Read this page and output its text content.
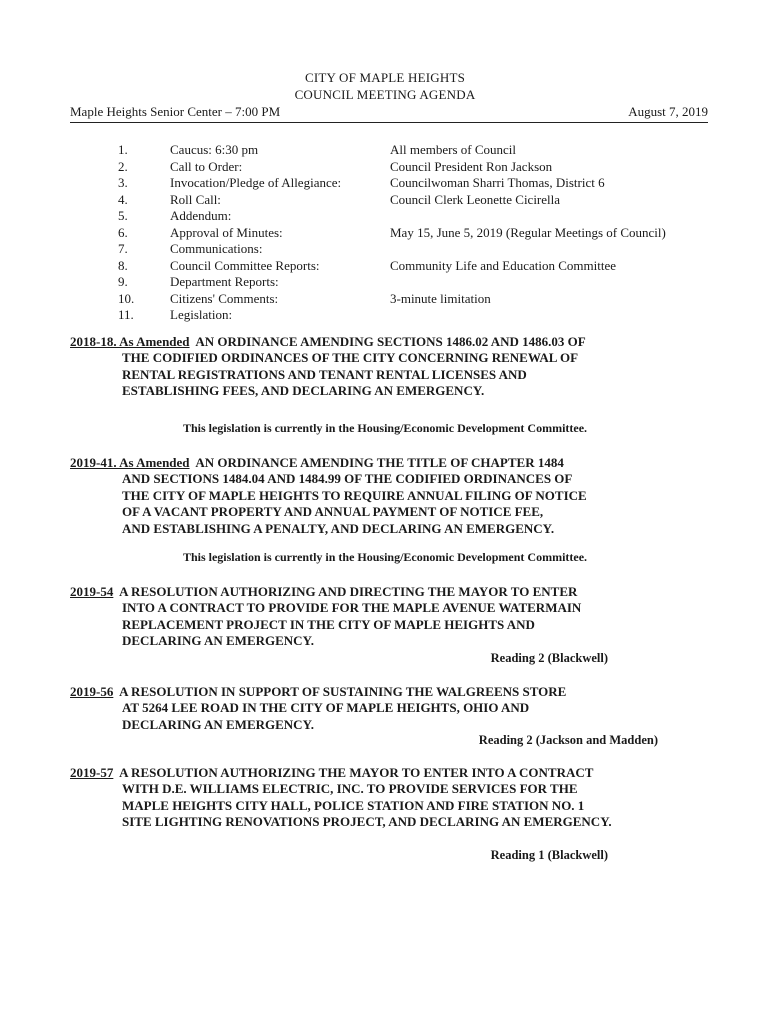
CITY OF MAPLE HEIGHTS
COUNCIL MEETING AGENDA
Maple Heights Senior Center – 7:00 PM	August 7, 2019
1.	Caucus: 6:30 pm	All members of Council
2.	Call to Order:	Council President Ron Jackson
3.	Invocation/Pledge of Allegiance:	Councilwoman Sharri Thomas, District 6
4.	Roll Call:	Council Clerk Leonette Cicirella
5.	Addendum:
6.	Approval of Minutes:	May 15, June 5, 2019 (Regular Meetings of Council)
7.	Communications:
8.	Council Committee Reports:	Community Life and Education Committee
9.	Department Reports:
10.	Citizens' Comments:	3-minute limitation
11.	Legislation:
2018-18. As Amended AN ORDINANCE AMENDING SECTIONS 1486.02 AND 1486.03 OF
THE CODIFIED ORDINANCES OF THE CITY CONCERNING RENEWAL OF
RENTAL REGISTRATIONS AND TENANT RENTAL LICENSES AND
ESTABLISHING FEES, AND DECLARING AN EMERGENCY.
This legislation is currently in the Housing/Economic Development Committee.
2019-41. As Amended AN ORDINANCE AMENDING THE TITLE OF CHAPTER 1484
AND SECTIONS 1484.04 AND 1484.99 OF THE CODIFIED ORDINANCES OF
THE CITY OF MAPLE HEIGHTS TO REQUIRE ANNUAL FILING OF NOTICE
OF A VACANT PROPERTY AND ANNUAL PAYMENT OF NOTICE FEE,
AND ESTABLISHING A PENALTY, AND DECLARING AN EMERGENCY.
This legislation is currently in the Housing/Economic Development Committee.
2019-54 A RESOLUTION AUTHORIZING AND DIRECTING THE MAYOR TO ENTER
INTO A CONTRACT TO PROVIDE FOR THE MAPLE AVENUE WATERMAIN
REPLACEMENT PROJECT IN THE CITY OF MAPLE HEIGHTS AND
DECLARING AN EMERGENCY.
Reading 2 (Blackwell)
2019-56 A RESOLUTION IN SUPPORT OF SUSTAINING THE WALGREENS STORE
AT 5264 LEE ROAD IN THE CITY OF MAPLE HEIGHTS, OHIO AND
DECLARING AN EMERGENCY.
Reading 2 (Jackson and Madden)
2019-57 A RESOLUTION AUTHORIZING THE MAYOR TO ENTER INTO A CONTRACT
WITH D.E. WILLIAMS ELECTRIC, INC. TO PROVIDE SERVICES FOR THE
MAPLE HEIGHTS CITY HALL, POLICE STATION AND FIRE STATION NO. 1
SITE LIGHTING RENOVATIONS PROJECT, AND DECLARING AN EMERGENCY.
Reading 1 (Blackwell)
